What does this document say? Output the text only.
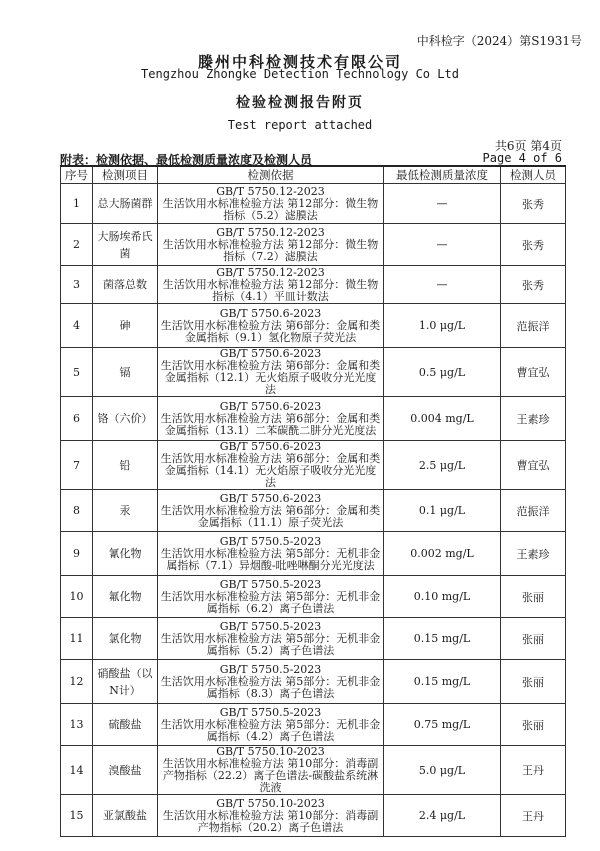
中科检字（2024）第S1931号
滕州中科检测技术有限公司
Tengzhou Zhongke Detection Technology Co Ltd
检验检测报告附页
Test report attached
共6页 第4页
附表：检测依据、最低检测质量浓度及检测人员	Page 4 of 6
序号	检测项目	检测依据	最低检测质量浓度	检测人员
1	总大肠菌群	GB/T 5750.12-2023
生活饮用水标准检验方法 第12部分：微生物指标（5.2）滤膜法	—	张秀
2	大肠埃希氏菌	GB/T 5750.12-2023
生活饮用水标准检验方法 第12部分：微生物指标（7.2）滤膜法	—	张秀
3	菌落总数	GB/T 5750.12-2023
生活饮用水标准检验方法 第12部分：微生物指标（4.1）平皿计数法	—	张秀
4	砷	GB/T 5750.6-2023
生活饮用水标准检验方法 第6部分：金属和类金属指标（9.1）氢化物原子荧光法	1.0 μg/L	范振洋
5	镉	GB/T 5750.6-2023
生活饮用水标准检验方法 第6部分：金属和类金属指标（12.1）无火焰原子吸收分光光度法	0.5 μg/L	曹宜弘
6	铬（六价）	GB/T 5750.6-2023
生活饮用水标准检验方法 第6部分：金属和类金属指标（13.1）二苯碳酰二肼分光光度法	0.004 mg/L	王素珍
7	铅	GB/T 5750.6-2023
生活饮用水标准检验方法 第6部分：金属和类金属指标（14.1）无火焰原子吸收分光光度法	2.5 μg/L	曹宜弘
8	汞	GB/T 5750.6-2023
生活饮用水标准检验方法 第6部分：金属和类金属指标（11.1）原子荧光法	0.1 μg/L	范振洋
9	氰化物	GB/T 5750.5-2023
生活饮用水标准检验方法 第5部分：无机非金属指标（7.1）异烟酸-吡唑啉酮分光光度法	0.002 mg/L	王素珍
10	氟化物	GB/T 5750.5-2023
生活饮用水标准检验方法 第5部分：无机非金属指标（6.2）离子色谱法	0.10 mg/L	张丽
11	氯化物	GB/T 5750.5-2023
生活饮用水标准检验方法 第5部分：无机非金属指标（5.2）离子色谱法	0.15 mg/L	张丽
12	硝酸盐（以N计）	GB/T 5750.5-2023
生活饮用水标准检验方法 第5部分：无机非金属指标（8.3）离子色谱法	0.15 mg/L	张丽
13	硫酸盐	GB/T 5750.5-2023
生活饮用水标准检验方法 第5部分：无机非金属指标（4.2）离子色谱法	0.75 mg/L	张丽
14	溴酸盐	GB/T 5750.10-2023
生活饮用水标准检验方法 第10部分：消毒副产物指标（22.2）离子色谱法-碳酸盐系统淋洗液	5.0 μg/L	王丹
15	亚氯酸盐	GB/T 5750.10-2023
生活饮用水标准检验方法 第10部分：消毒副产物指标（20.2）离子色谱法	2.4 μg/L	王丹
